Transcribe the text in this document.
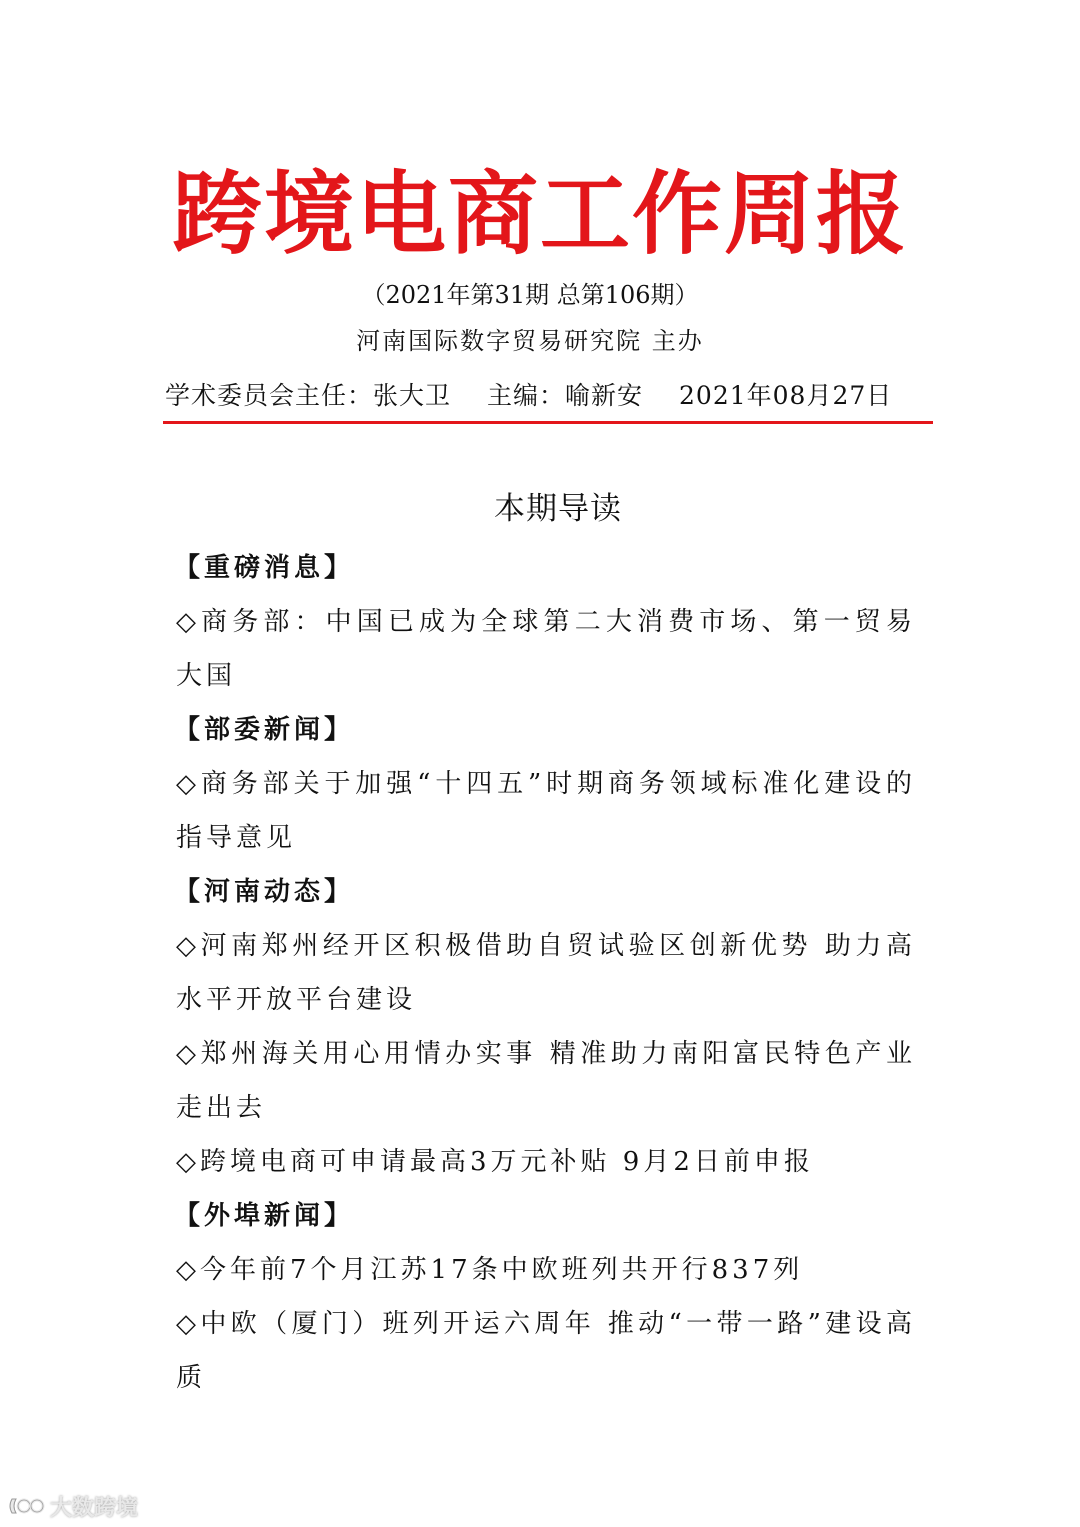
跨境电商工作周报
（2021年第31期 总第106期）
河南国际数字贸易研究院 主办
学术委员会主任：张大卫 主编：喻新安 2021年08月27日
本期导读
【重磅消息】
◇商务部：中国已成为全球第二大消费市场、第一贸易大国
【部委新闻】
◇商务部关于加强“十四五”时期商务领域标准化建设的指导意见
【河南动态】
◇河南郑州经开区积极借助自贸试验区创新优势 助力高水平开放平台建设
◇郑州海关用心用情办实事 精准助力南阳富民特色产业走出去
◇跨境电商可申请最高3万元补贴 9月2日前申报
【外埠新闻】
◇今年前7个月江苏17条中欧班列共开行837列
◇中欧（厦门）班列开运六周年 推动“一带一路”建设高质
大数跨境
